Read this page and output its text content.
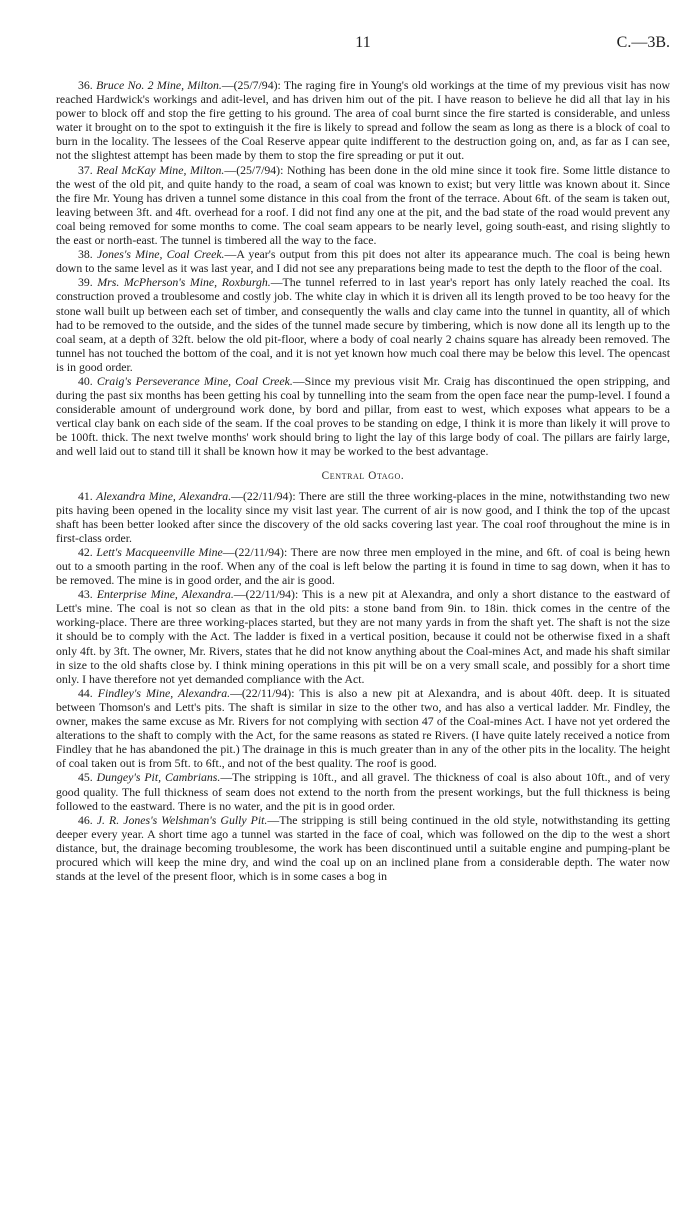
11	C.—3B.

36. Bruce No. 2 Mine, Milton.—(25/7/94): The raging fire in Young's old workings at the time of my previous visit has now reached Hardwick's workings and adit-level, and has driven him out of the pit. I have reason to believe he did all that lay in his power to block off and stop the fire getting to his ground. The area of coal burnt since the fire started is considerable, and unless water it brought on to the spot to extinguish it the fire is likely to spread and follow the seam as long as there is a block of coal to burn in the locality. The lessees of the Coal Reserve appear quite indifferent to the destruction going on, and, as far as I can see, not the slightest attempt has been made by them to stop the fire spreading or put it out.

37. Real McKay Mine, Milton.—(25/7/94): Nothing has been done in the old mine since it took fire. Some little distance to the west of the old pit, and quite handy to the road, a seam of coal was known to exist; but very little was known about it. Since the fire Mr. Young has driven a tunnel some distance in this coal from the front of the terrace. About 6ft. of the seam is taken out, leaving between 3ft. and 4ft. overhead for a roof. I did not find any one at the pit, and the bad state of the road would prevent any coal being removed for some months to come. The coal seam appears to be nearly level, going south-east, and rising slightly to the east or north-east. The tunnel is timbered all the way to the face.

38. Jones's Mine, Coal Creek.—A year's output from this pit does not alter its appearance much. The coal is being hewn down to the same level as it was last year, and I did not see any preparations being made to test the depth to the floor of the coal.

39. Mrs. McPherson's Mine, Roxburgh.—The tunnel referred to in last year's report has only lately reached the coal. Its construction proved a troublesome and costly job. The white clay in which it is driven all its length proved to be too heavy for the stone wall built up between each set of timber, and consequently the walls and clay came into the tunnel in quantity, all of which had to be removed to the outside, and the sides of the tunnel made secure by timbering, which is now done all its length up to the coal seam, at a depth of 32ft. below the old pit-floor, where a body of coal nearly 2 chains square has already been removed. The tunnel has not touched the bottom of the coal, and it is not yet known how much coal there may be below this level. The opencast is in good order.

40. Craig's Perseverance Mine, Coal Creek.—Since my previous visit Mr. Craig has discontinued the open stripping, and during the past six months has been getting his coal by tunnelling into the seam from the open face near the pump-level. I found a considerable amount of underground work done, by bord and pillar, from east to west, which exposes what appears to be a vertical clay bank on each side of the seam. If the coal proves to be standing on edge, I think it is more than likely it will prove to be 100ft. thick. The next twelve months' work should bring to light the lay of this large body of coal. The pillars are fairly large, and well laid out to stand till it shall be known how it may be worked to the best advantage.

Central Otago.

41. Alexandra Mine, Alexandra.—(22/11/94): There are still the three working-places in the mine, notwithstanding two new pits having been opened in the locality since my visit last year. The current of air is now good, and I think the top of the upcast shaft has been better looked after since the discovery of the old sacks covering last year. The coal roof throughout the mine is in first-class order.

42. Lett's Macqueenville Mine—(22/11/94): There are now three men employed in the mine, and 6ft. of coal is being hewn out to a smooth parting in the roof. When any of the coal is left below the parting it is found in time to sag down, when it has to be removed. The mine is in good order, and the air is good.

43. Enterprise Mine, Alexandra.—(22/11/94): This is a new pit at Alexandra, and only a short distance to the eastward of Lett's mine. The coal is not so clean as that in the old pits: a stone band from 9in. to 18in. thick comes in the centre of the working-place. There are three working-places started, but they are not many yards in from the shaft yet. The shaft is not the size it should be to comply with the Act. The ladder is fixed in a vertical position, because it could not be otherwise fixed in a shaft only 4ft. by 3ft. The owner, Mr. Rivers, states that he did not know anything about the Coal-mines Act, and made his shaft similar in size to the old shafts close by. I think mining operations in this pit will be on a very small scale, and possibly for a short time only. I have therefore not yet demanded compliance with the Act.

44. Findley's Mine, Alexandra.—(22/11/94): This is also a new pit at Alexandra, and is about 40ft. deep. It is situated between Thomson's and Lett's pits. The shaft is similar in size to the other two, and has also a vertical ladder. Mr. Findley, the owner, makes the same excuse as Mr. Rivers for not complying with section 47 of the Coal-mines Act. I have not yet ordered the alterations to the shaft to comply with the Act, for the same reasons as stated re Rivers. (I have quite lately received a notice from Findley that he has abandoned the pit.) The drainage in this is much greater than in any of the other pits in the locality. The height of coal taken out is from 5ft. to 6ft., and not of the best quality. The roof is good.

45. Dungey's Pit, Cambrians.—The stripping is 10ft., and all gravel. The thickness of coal is also about 10ft., and of very good quality. The full thickness of seam does not extend to the north from the present workings, but the full thickness is being followed to the eastward. There is no water, and the pit is in good order.

46. J. R. Jones's Welshman's Gully Pit.—The stripping is still being continued in the old style, notwithstanding its getting deeper every year. A short time ago a tunnel was started in the face of coal, which was followed on the dip to the west a short distance, but, the drainage becoming troublesome, the work has been discontinued until a suitable engine and pumping-plant be procured which will keep the mine dry, and wind the coal up on an inclined plane from a considerable depth. The water now stands at the level of the present floor, which is in some cases a bog in
